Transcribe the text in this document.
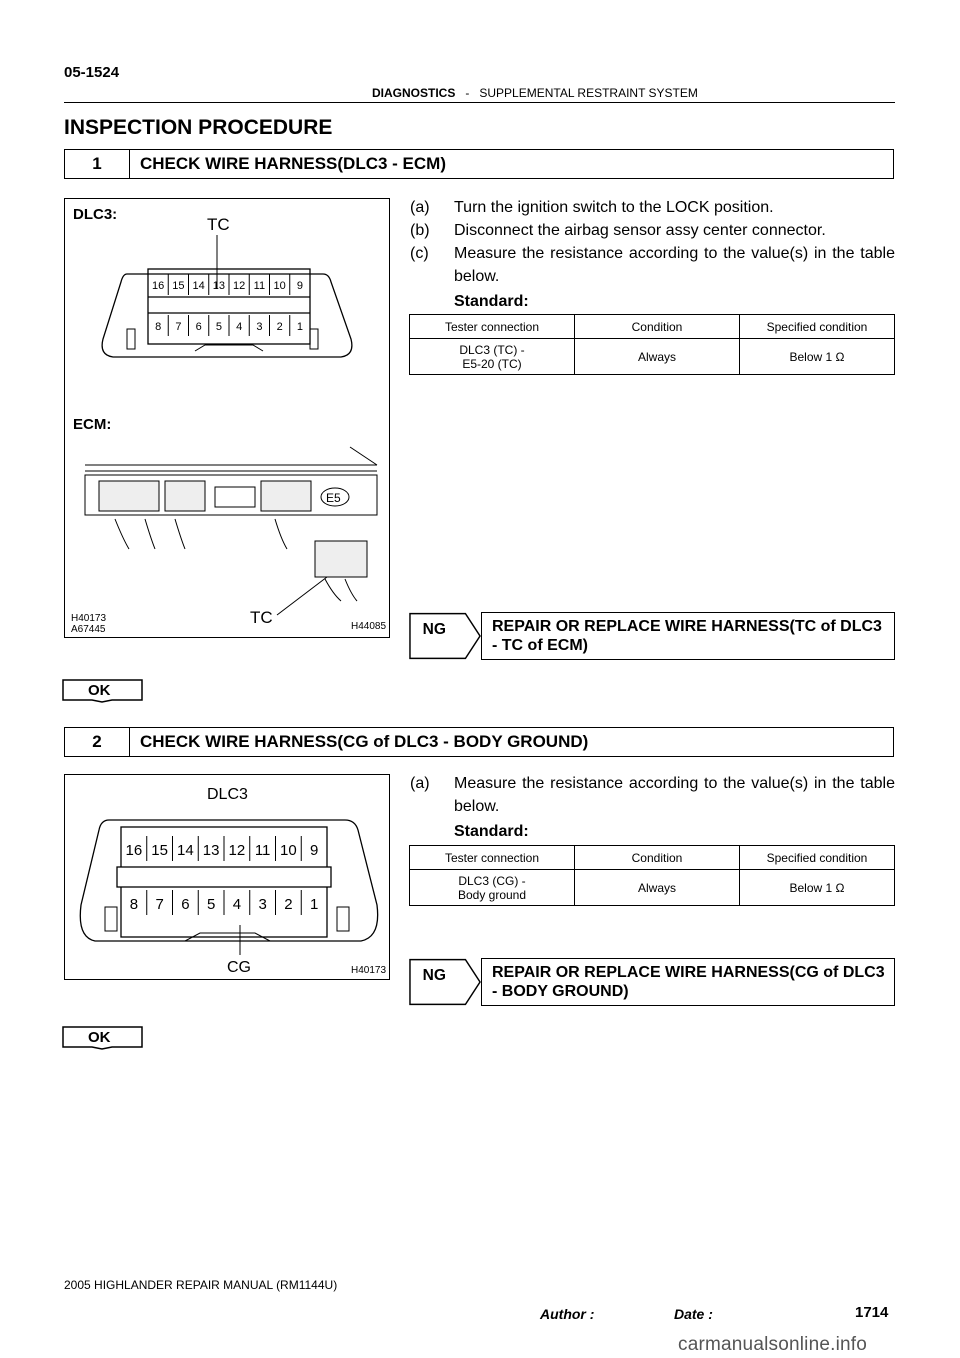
05-1524
DIAGNOSTICS - SUPPLEMENTAL RESTRAINT SYSTEM
INSPECTION PROCEDURE
1	CHECK WIRE HARNESS(DLC3 - ECM)
DLC3:
TC
16 15 14 13 12 11 10 9
8 7 6 5 4 3 2 1
ECM:
E5
TC
H40173
A67445	H44085
(a) Turn the ignition switch to the LOCK position.
(b) Disconnect the airbag sensor assy center connector.
(c) Measure the resistance according to the value(s) in the table below.
Standard:
Tester connection	Condition	Specified condition

DLC3 (TC) -
E5-20 (TC)	Always	Below 1 Ω
NG	REPAIR OR REPLACE WIRE HARNESS(TC of DLC3 - TC of ECM)
OK
2	CHECK WIRE HARNESS(CG of DLC3 - BODY GROUND)
DLC3
16 15 14 13 12 11 10 9
8 7 6 5 4 3 2 1
CG	H40173
(a) Measure the resistance according to the value(s) in the table below.
Standard:
Tester connection	Condition	Specified condition

DLC3 (CG) -
Body ground	Always	Below 1 Ω
NG	REPAIR OR REPLACE WIRE HARNESS(CG of DLC3 - BODY GROUND)
OK
2005 HIGHLANDER REPAIR MANUAL (RM1144U)
Author :	Date :	1714
carmanualsonline.info
